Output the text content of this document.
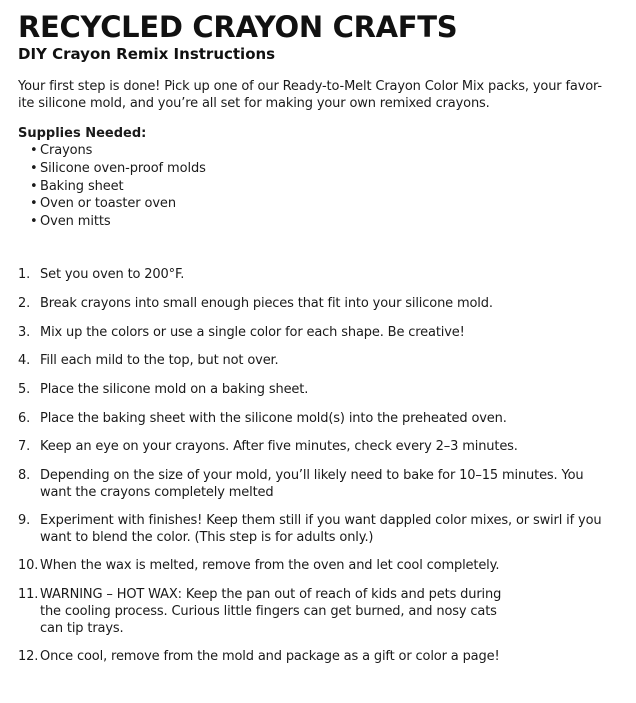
RECYCLED CRAYON CRAFTS
DIY Crayon Remix Instructions

Your first step is done! Pick up one of our Ready-to-Melt Crayon Color Mix packs, your favor-ite silicone mold, and you’re all set for making your own remixed crayons.

Supplies Needed:

• Crayons
• Silicone oven-proof molds
• Baking sheet
• Oven or toaster oven
• Oven mitts
1. Set you oven to 200°F.
2. Break crayons into small enough pieces that fit into your silicone mold.
3. Mix up the colors or use a single color for each shape. Be creative!
4. Fill each mild to the top, but not over.
5. Place the silicone mold on a baking sheet.
6. Place the baking sheet with the silicone mold(s) into the preheated oven.
7. Keep an eye on your crayons. After five minutes, check every 2–3 minutes.
8. Depending on the size of your mold, you’ll likely need to bake for 10–15 minutes. You want the crayons completely melted
9. Experiment with finishes! Keep them still if you want dappled color mixes, or swirl if you want to blend the color. (This step is for adults only.)
10. When the wax is melted, remove from the oven and let cool completely.
11. WARNING – HOT WAX: Keep the pan out of reach of kids and pets during the cooling process. Curious little fingers can get burned, and nosy cats can tip trays.
12. Once cool, remove from the mold and package as a gift or color a page!
